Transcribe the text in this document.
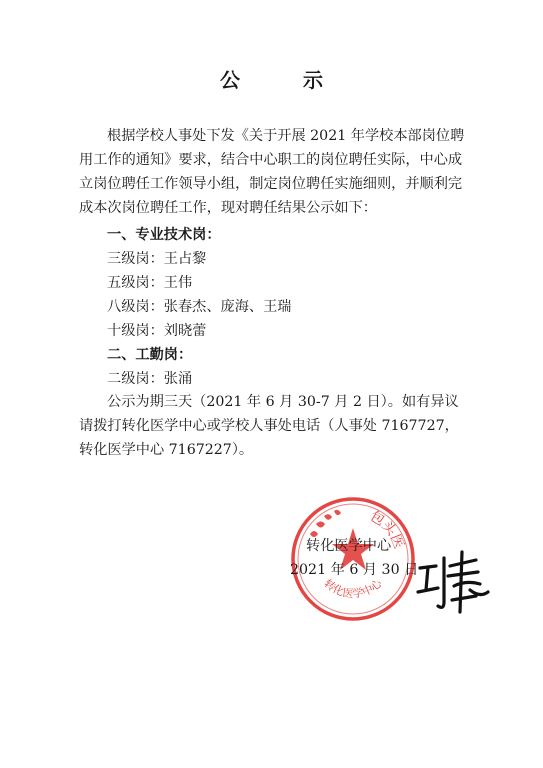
公 示

根据学校人事处下发《关于开展 2021 年学校本部岗位聘用工作的通知》要求，结合中心职工的岗位聘任实际，中心成立岗位聘任工作领导小组，制定岗位聘任实施细则，并顺利完成本次岗位聘任工作，现对聘任结果公示如下：

一、专业技术岗：

三级岗：王占黎

五级岗：王伟

八级岗：张春杰、庞海、王瑞

十级岗：刘晓蕾

二、工勤岗：

二级岗：张涌

公示为期三天（2021 年 6 月 30-7 月 2 日）。如有异议请拨打转化医学中心或学校人事处电话（人事处 7167727，转化医学中心 7167227）。

包头医
转化医学中心
转化医学中心
2021 年 6 月 30 日
